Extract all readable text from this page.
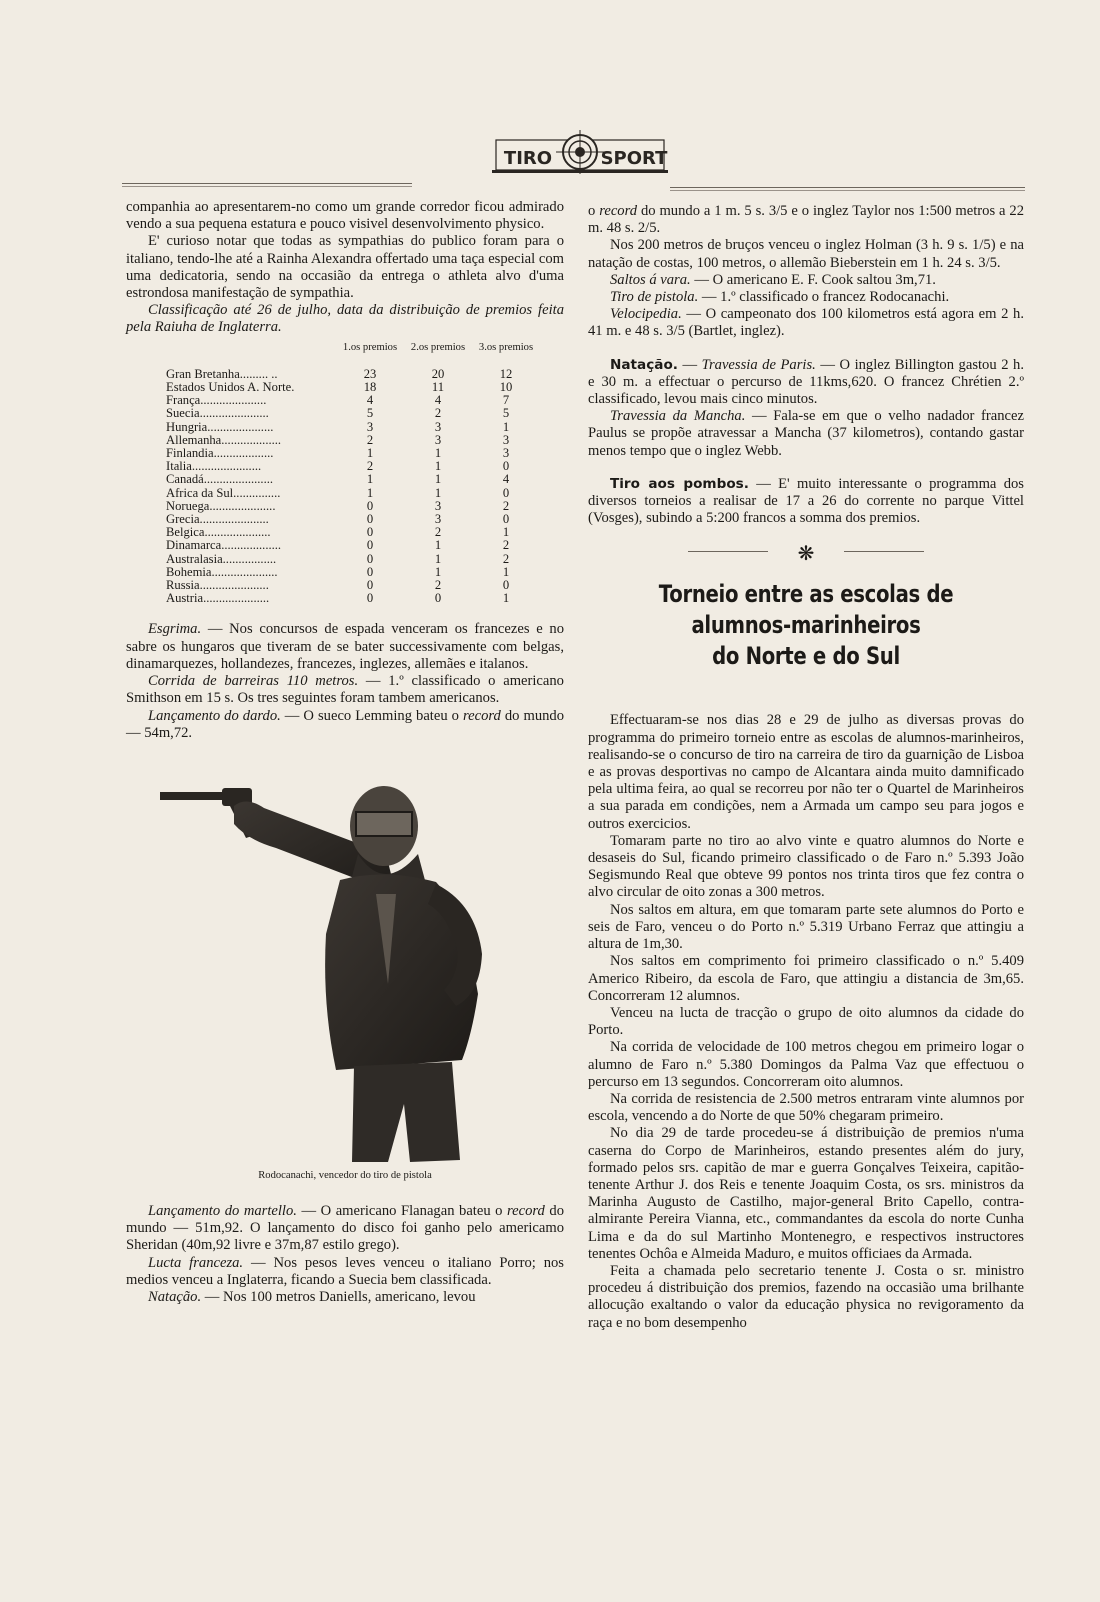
TIRO	SPORT

companhia ao apresentarem-no como um grande corredor ficou admirado vendo a sua pequena estatura e pouco visivel desenvolvimento physico.

E' curioso notar que todas as sympathias do publico foram para o italiano, tendo-lhe até a Rainha Alexandra offertado uma taça especial com uma dedicatoria, sendo na occasião da entrega o athleta alvo d'uma estrondosa manifestação de sympathia.

Classificação até 26 de julho, data da distribuição de premios feita pela Raiuha de Inglaterra.

	1.os premios	2.os premios	3.os premios
Gran Bretanha......... ..	23	20	12
Estados Unidos A. Norte.	18	11	10
França.....................	4	4	7
Suecia......................	5	2	5
Hungria.....................	3	3	1
Allemanha...................	2	3	3
Finlandia...................	1	1	3
Italia......................	2	1	0
Canadá......................	1	1	4
Africa da Sul...............	1	1	0
Noruega.....................	0	3	2
Grecia......................	0	3	0
Belgica.....................	0	2	1
Dinamarca...................	0	1	2
Australasia.................	0	1	2
Bohemia.....................	0	1	1
Russia......................	0	2	0
Austria.....................	0	0	1

Esgrima. — Nos concursos de espada venceram os francezes e no sabre os hungaros que tiveram de se bater successivamente com belgas, dinamarquezes, hollandezes, francezes, inglezes, allemães e italanos.

Corrida de barreiras 110 metros. — 1.º classificado o americano Smithson em 15 s. Os tres seguintes foram tambem americanos.

Lançamento do dardo. — O sueco Lemming bateu o record do mundo — 54m,72.

Rodocanachi, vencedor do tiro de pistola

Lançamento do martello. — O americano Flanagan bateu o record do mundo — 51m,92. O lançamento do disco foi ganho pelo americamo Sheridan (40m,92 livre e 37m,87 estilo grego).

Lucta franceza. — Nos pesos leves venceu o italiano Porro; nos medios venceu a Inglaterra, ficando a Suecia bem classificada.

Natação. — Nos 100 metros Daniells, americano, levou

o record do mundo a 1 m. 5 s. 3/5 e o inglez Taylor nos 1:500 metros a 22 m. 48 s. 2/5.

Nos 200 metros de bruços venceu o inglez Holman (3 h. 9 s. 1/5) e na natação de costas, 100 metros, o allemão Bieberstein em 1 h. 24 s. 3/5.

Saltos á vara. — O americano E. F. Cook saltou 3m,71.

Tiro de pistola. — 1.º classificado o francez Rodocanachi.

Velocipedia. — O campeonato dos 100 kilometros está agora em 2 h. 41 m. e 48 s. 3/5 (Bartlet, inglez).

Natação. — Travessia de Paris. — O inglez Billington gastou 2 h. e 30 m. a effectuar o percurso de 11kms,620. O francez Chrétien 2.º classificado, levou mais cinco minutos.

Travessia da Mancha. — Fala-se em que o velho nadador francez Paulus se propõe atravessar a Mancha (37 kilometros), contando gastar menos tempo que o inglez Webb.

Tiro aos pombos. — E' muito interessante o programma dos diversos torneios a realisar de 17 a 26 do corrente no parque Vittel (Vosges), subindo a 5:200 francos a somma dos premios.

❋
Torneio entre as escolas de alumnos-marinheiros
do Norte e do Sul

Effectuaram-se nos dias 28 e 29 de julho as diversas provas do programma do primeiro torneio entre as escolas de alumnos-marinheiros, realisando-se o concurso de tiro na carreira de tiro da guarnição de Lisboa e as provas desportivas no campo de Alcantara ainda muito damnificado pela ultima feira, ao qual se recorreu por não ter o Quartel de Marinheiros a sua parada em condições, nem a Armada um campo seu para jogos e outros exercicios.

Tomaram parte no tiro ao alvo vinte e quatro alumnos do Norte e desaseis do Sul, ficando primeiro classificado o de Faro n.º 5.393 João Segismundo Real que obteve 99 pontos nos trinta tiros que fez contra o alvo circular de oito zonas a 300 metros.

Nos saltos em altura, em que tomaram parte sete alumnos do Porto e seis de Faro, venceu o do Porto n.º 5.319 Urbano Ferraz que attingiu a altura de 1m,30.

Nos saltos em comprimento foi primeiro classificado o n.º 5.409 Americo Ribeiro, da escola de Faro, que attingiu a distancia de 3m,65. Concorreram 12 alumnos.

Venceu na lucta de tracção o grupo de oito alumnos da cidade do Porto.

Na corrida de velocidade de 100 metros chegou em primeiro logar o alumno de Faro n.º 5.380 Domingos da Palma Vaz que effectuou o percurso em 13 segundos. Concorreram oito alumnos.

Na corrida de resistencia de 2.500 metros entraram vinte alumnos por escola, vencendo a do Norte de que 50% chegaram primeiro.

No dia 29 de tarde procedeu-se á distribuição de premios n'uma caserna do Corpo de Marinheiros, estando presentes além do jury, formado pelos srs. capitão de mar e guerra Gonçalves Teixeira, capitão-tenente Arthur J. dos Reis e tenente Joaquim Costa, os srs. ministros da Marinha Augusto de Castilho, major-general Brito Capello, contra-almirante Pereira Vianna, etc., commandantes da escola do norte Cunha Lima e da do sul Martinho Montenegro, e respectivos instructores tenentes Ochôa e Almeida Maduro, e muitos officiaes da Armada.

Feita a chamada pelo secretario tenente J. Costa o sr. ministro procedeu á distribuição dos premios, fazendo na occasião uma brilhante allocução exaltando o valor da educação physica no revigoramento da raça e no bom desempenho
